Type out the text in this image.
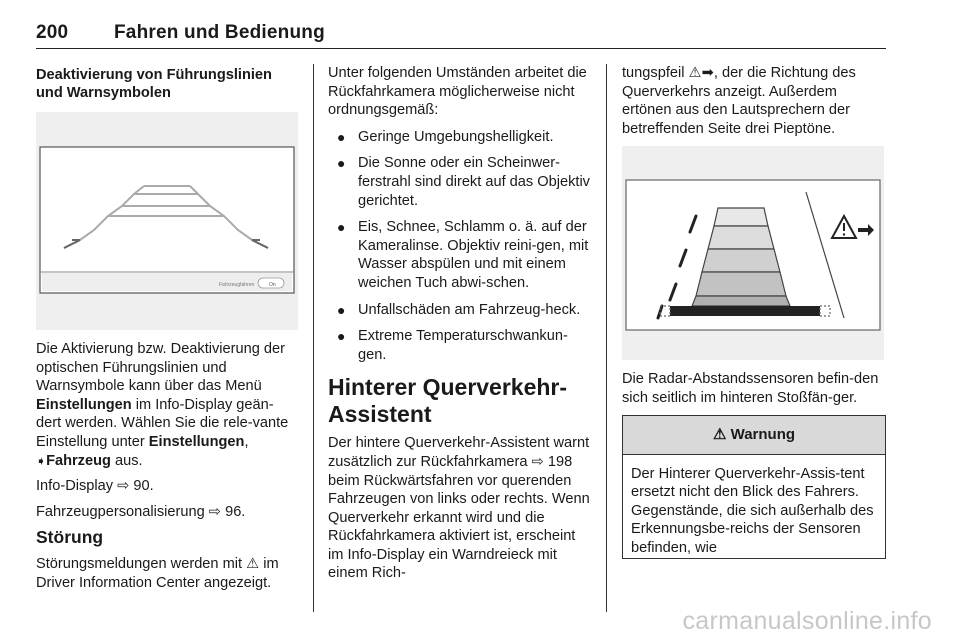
200 Fahren und Bedienung
Deaktivierung von Führungslinien und Warnsymbolen
Fahrzeugfahren	On

Die Aktivierung bzw. Deaktivierung der optischen Führungslinien und Warnsymbole kann über das Menü Einstellungen im Info-Display geän-dert werden. Wählen Sie die rele-vante Einstellung unter Einstellungen, ➧Fahrzeug aus.

Info-Display ⇨ 90.

Fahrzeugpersonalisierung ⇨ 96.

Störung

Störungsmeldungen werden mit ⚠ im Driver Information Center angezeigt.

Unter folgenden Umständen arbeitet die Rückfahrkamera möglicherweise nicht ordnungsgemäß:

● Geringe Umgebungshelligkeit.
● Die Sonne oder ein Scheinwer-ferstrahl sind direkt auf das Objektiv gerichtet.
● Eis, Schnee, Schlamm o. ä. auf der Kameralinse. Objektiv reini-gen, mit Wasser abspülen und mit einem weichen Tuch abwi-schen.
● Unfallschäden am Fahrzeug-heck.
● Extreme Temperaturschwankun-gen.
Hinterer Querverkehr-Assistent

Der hintere Querverkehr-Assistent warnt zusätzlich zur Rückfahrkamera ⇨ 198 beim Rückwärtsfahren vor querenden Fahrzeugen von links oder rechts. Wenn Querverkehr erkannt wird und die Rückfahrkamera aktiviert ist, erscheint im Info-Display ein Warndreieck mit einem Rich-

tungspfeil ⚠➡, der die Richtung des Querverkehrs anzeigt. Außerdem ertönen aus den Lautsprechern der betreffenden Seite drei Pieptöne.

Die Radar-Abstandssensoren befin-den sich seitlich im hinteren Stoßfän-ger.

⚠ Warnung
Der Hinterer Querverkehr-Assis-tent ersetzt nicht den Blick des Fahrers. Gegenstände, die sich außerhalb des Erkennungsbe-reichs der Sensoren befinden, wie
carmanualsonline.info
